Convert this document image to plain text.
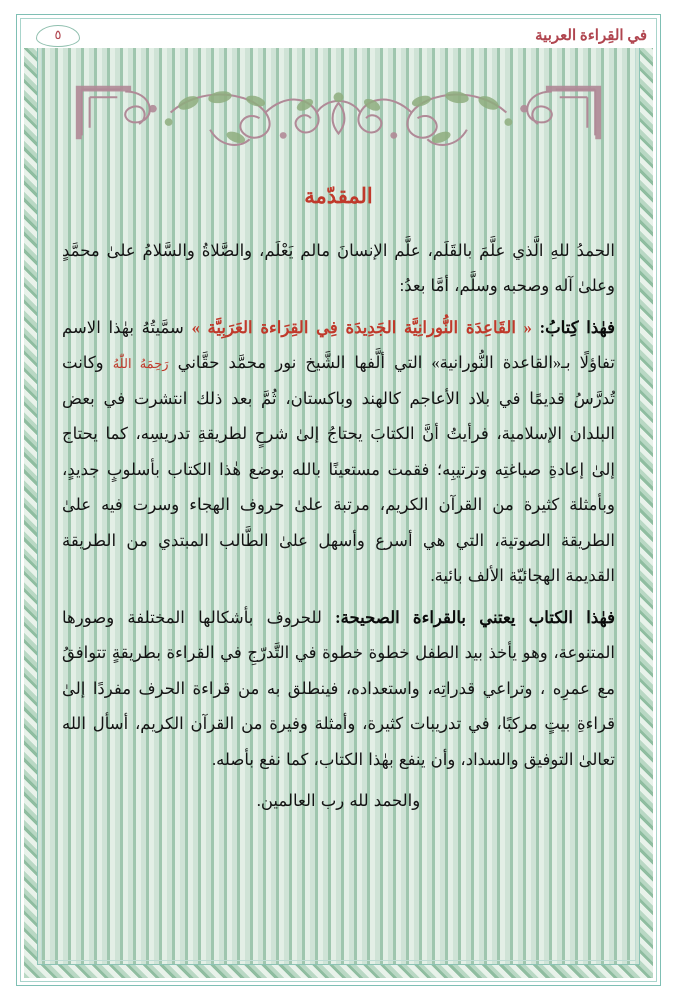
في القِراءة العربية
٥
المقدّمة

الحمدُ للهِ الَّذي علَّمَ بالقَلَم، علَّم الإنسانَ مالم يَعْلَم، والصَّلاةُ والسَّلامُ علىٰ محمَّدٍ وعلىٰ آله وصحبه وسلَّم، أمَّا بعدُ:

فهٰذا كِتابُ: « القَاعِدَة النُّورانِيَّة الجَدِيدَة فِي القِرَاءة العَرَبِيَّة » سمَّيتُهُ بهٰذا الاسم تفاؤلًا بـ«القاعدة النُّورانية» التي ألَّفها الشَّيخ نور محمَّد حقَّاني رَحِمَهُ اللّٰهُ وكانت تُدرَّسُ قديمًا في بلاد الأعاجم كالهند وباكستان، ثُمَّ بعد ذلك انتشرت في بعض البلدان الإسلامية، فرأيتُ أنَّ الكتابَ يحتاجُ إلىٰ شرحٍ لطريقةِ تدريسِه، كما يحتاج إلىٰ إعادةِ صياغتِه وترتيبِه؛ فقمت مستعينًا بالله بوضع هٰذا الكتاب بأسلوبٍ جديدٍ، وبأمثلة كثيرة من القرآن الكريم، مرتبة علىٰ حروف الهجاء وسرت فيه علىٰ الطريقة الصوتية، التي هي أسرع وأسهل علىٰ الطَّالب المبتدي من الطريقة القديمة الهجائيّة الألف بائية.

فهٰذا الكتاب يعتني بالقراءة الصحيحة: للحروف بأشكالها المختلفة وصورها المتنوعة، وهو يأخذ بيد الطفل خطوة خطوة في التَّدرّجِ في القراءة بطريقةٍ تتوافقُ مع عمرِه ، وتراعي قدراتِه، واستعداده، فينطلق به من قراءة الحرف مفردًا إلىٰ قراءةِ بيتٍ مركبًا، في تدريبات كثيرة، وأمثلة وفيرة من القرآن الكريم، أسأل الله تعالىٰ التوفيق والسداد، وأن ينفع بهٰذا الكتاب، كما نفع بأصله.

والحمد لله رب العالمين.
